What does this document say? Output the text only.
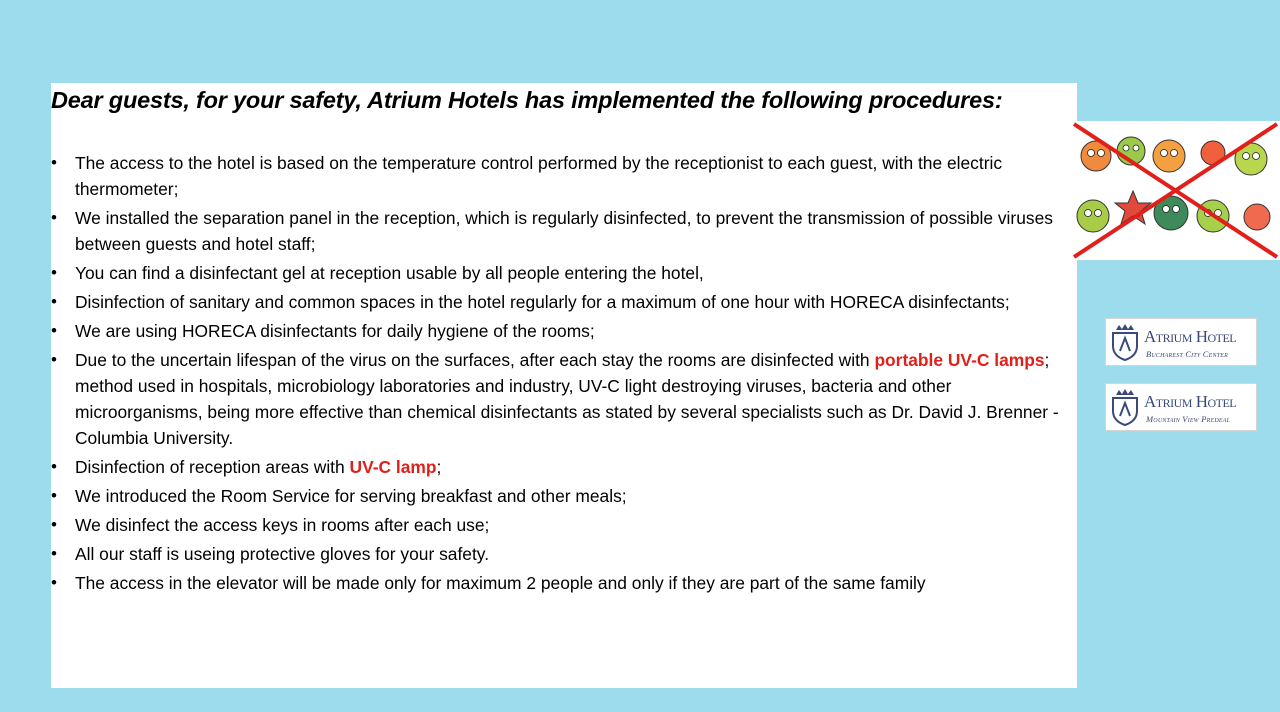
Dear guests, for your safety, Atrium Hotels has implemented the following procedures:
• The access to the hotel is based on the temperature control performed by the receptionist to each guest, with the electric thermometer;
• We installed the separation panel in the reception, which is regularly disinfected, to prevent the transmission of possible viruses between guests and hotel staff;
• You can find a disinfectant gel at reception usable by all people entering the hotel,
• Disinfection of sanitary and common spaces in the hotel regularly for a maximum of one hour with HORECA disinfectants;
• We are using HORECA disinfectants for daily hygiene of the rooms;
• Due to the uncertain lifespan of the virus on the surfaces, after each stay the rooms are disinfected with portable UV-C lamps; method used in hospitals, microbiology laboratories and industry, UV-C light destroying viruses, bacteria and other microorganisms, being more effective than chemical disinfectants as stated by several specialists such as Dr. David J. Brenner - Columbia University.
• Disinfection of reception areas with UV-C lamp;
• We introduced the Room Service for serving breakfast and other meals;
• We disinfect the access keys in rooms after each use;
• All our staff is useing protective gloves for your safety.
• The access in the elevator will be made only for maximum 2 people and only if they are part of the same family
Atrium Hotel
Bucharest City Center
Atrium Hotel
Mountain View Predeal
